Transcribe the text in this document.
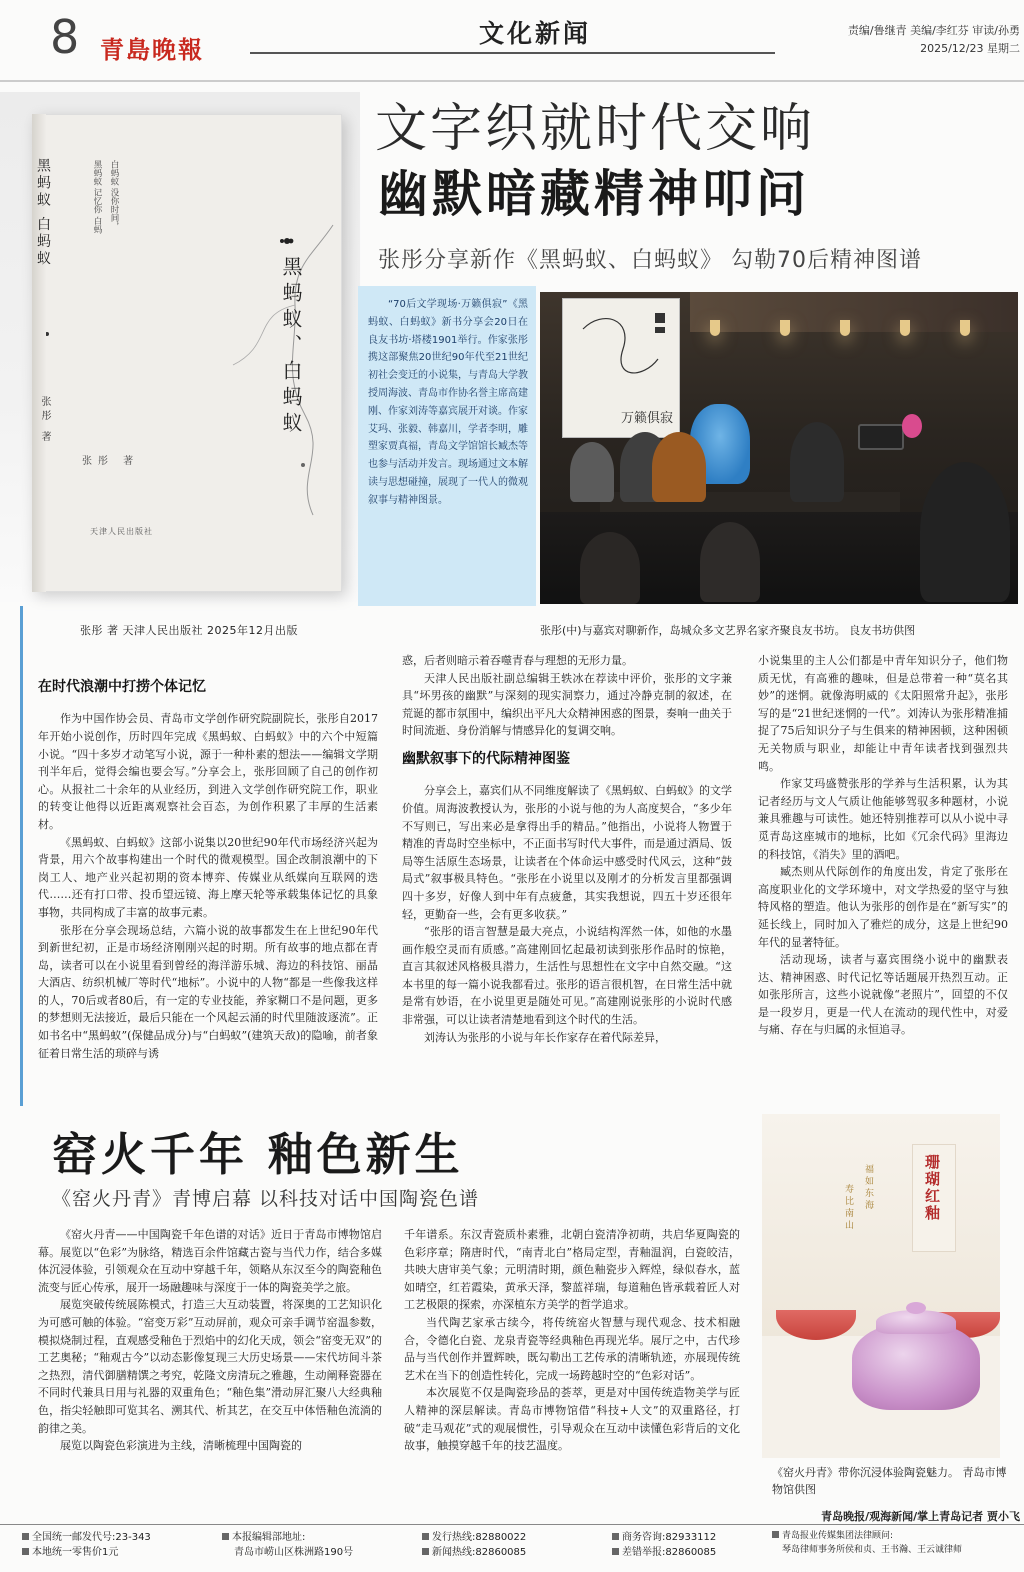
8 青島晚報
文化新闻	责编/鲁继青 美编/李红芬 审读/孙勇
2025/12/23 星期二
黑蚂蚁 白蚂蚁
张彤 著
白蚂蚁 没你时间，
黑蚂蚁 记忆你 白蚂
黑蚂蚁、白蚂蚁
张彤 著
天津人民出版社
张彤 著 天津人民出版社 2025年12月出版
文字织就时代交响
幽默暗藏精神叩问
张彤分享新作《黑蚂蚁、白蚂蚁》 勾勒70后精神图谱

“70后文学现场·万籁俱寂”《黑蚂蚁、白蚂蚁》新书分享会20日在良友书坊·塔楼1901举行。作家张彤携这部聚焦20世纪90年代至21世纪初社会变迁的小说集，与青岛大学教授周海波、青岛市作协名誉主席高建刚、作家刘涛等嘉宾展开对谈。作家艾玛、张毅、韩嘉川，学者李明，雕塑家贾真福，青岛文学馆馆长臧杰等也参与活动并发言。现场通过文本解读与思想碰撞，展现了一代人的微观叙事与精神图景。

万籁俱寂
张彤(中)与嘉宾对聊新作，岛城众多文艺界名家齐聚良友书坊。 良友书坊供图
在时代浪潮中打捞个体记忆

作为中国作协会员、青岛市文学创作研究院副院长，张彤自2017年开始小说创作，历时四年完成《黑蚂蚁、白蚂蚁》中的六个中短篇小说。“四十多岁才动笔写小说，源于一种朴素的想法——编辑文学期刊半年后，觉得会编也要会写。”分享会上，张彤回顾了自己的创作初心。从报社二十余年的从业经历，到进入文学创作研究院工作，职业的转变让他得以近距离观察社会百态，为创作积累了丰厚的生活素材。

《黑蚂蚁、白蚂蚁》这部小说集以20世纪90年代市场经济兴起为背景，用六个故事构建出一个时代的微观模型。国企改制浪潮中的下岗工人、地产业兴起初期的资本博弈、传媒业从纸媒向互联网的迭代……还有打口带、投币望远镜、海上摩天轮等承载集体记忆的具象事物，共同构成了丰富的故事元素。

张彤在分享会现场总结，六篇小说的故事都发生在上世纪90年代到新世纪初，正是市场经济刚刚兴起的时期。所有故事的地点都在青岛，读者可以在小说里看到曾经的海洋游乐城、海边的科技馆、丽晶大酒店、纺织机械厂等时代“地标”。小说中的人物“都是一些像我这样的人，70后或者80后，有一定的专业技能，养家糊口不是问题，更多的梦想则无法接近，最后只能在一个风起云涌的时代里随波逐流”。正如书名中“黑蚂蚁”(保健品成分)与“白蚂蚁”(建筑天敌)的隐喻，前者象征着日常生活的琐碎与诱

惑，后者则暗示着吞噬青春与理想的无形力量。

天津人民出版社副总编辑王轶冰在荐读中评价，张彤的文字兼具“坏男孩的幽默”与深刻的现实洞察力，通过冷静克制的叙述，在荒诞的都市氛围中，编织出平凡大众精神困惑的图景，奏响一曲关于时间流逝、身份消解与情感异化的复调交响。

幽默叙事下的代际精神图鉴

分享会上，嘉宾们从不同维度解读了《黑蚂蚁、白蚂蚁》的文学价值。周海波教授认为，张彤的小说与他的为人高度契合，“多少年不写则已，写出来必是拿得出手的精品。”他指出，小说将人物置于精准的青岛时空坐标中，不正面书写时代大事件，而是通过酒局、饭局等生活原生态场景，让读者在个体命运中感受时代风云，这种“鼓局式”叙事极具特色。“张彤在小说里以及刚才的分析发言里都强调四十多岁，好像人到中年有点疲惫，其实我想说，四五十岁还很年轻，更勤奋一些，会有更多收获。”

“张彤的语言智慧是最大亮点，小说结构浑然一体，如他的水墨画作般空灵而有质感。”高建刚回忆起最初读到张彤作品时的惊艳，直言其叙述风格极具潜力，生活性与思想性在文字中自然交融。“这本书里的每一篇小说我都看过。张彤的语言很机智，在日常生活中就是常有妙语，在小说里更是随处可见。”高建刚说张彤的小说时代感非常强，可以让读者清楚地看到这个时代的生活。

刘涛认为张彤的小说与年长作家存在着代际差异，

小说集里的主人公们都是中青年知识分子，他们物质无忧，有高雅的趣味，但是总带着一种“莫名其妙”的迷惘。就像海明威的《太阳照常升起》，张彤写的是“21世纪迷惘的一代”。刘涛认为张彤精准捕捉了75后知识分子与生俱来的精神困顿，这种困顿无关物质与职业，却能让中青年读者找到强烈共鸣。

作家艾玛盛赞张彤的学养与生活积累，认为其记者经历与文人气质让他能够驾驭多种题材，小说兼具雅趣与可读性。她还特别推荐可以从小说中寻觅青岛这座城市的地标，比如《冗余代码》里海边的科技馆，《消失》里的酒吧。

臧杰则从代际创作的角度出发，肯定了张彤在高度职业化的文学环境中，对文学热爱的坚守与独特风格的塑造。他认为张彤的创作是在“新写实”的延长线上，同时加入了雅烂的成分，这是上世纪90年代的显著特征。

活动现场，读者与嘉宾围绕小说中的幽默表达、精神困惑、时代记忆等话题展开热烈互动。正如张彤所言，这些小说就像“老照片”，回望的不仅是一段岁月，更是一代人在流动的现代性中，对爱与痛、存在与归属的永恒追寻。

窑火千年 釉色新生
《窑火丹青》青博启幕 以科技对话中国陶瓷色谱

《窑火丹青——中国陶瓷千年色谱的对话》近日于青岛市博物馆启幕。展览以“色彩”为脉络，精选百余件馆藏古瓷与当代力作，结合多媒体沉浸体验，引领观众在互动中穿越千年，领略从东汉至今的陶瓷釉色流变与匠心传承，展开一场融趣味与深度于一体的陶瓷美学之旅。

展览突破传统展陈模式，打造三大互动装置，将深奥的工艺知识化为可感可触的体验。“窑变万彩”互动屏前，观众可亲手调节窑温参数，模拟烧制过程，直观感受釉色于烈焰中的幻化天成，领会“窑变无双”的工艺奥秘；“釉观古今”以动态影像复现三大历史场景——宋代坊间斗茶之热烈，清代御膳精馔之考究，乾隆文房清玩之雅趣，生动阐释瓷器在不同时代兼具日用与礼器的双重角色；“釉色集”滑动屏汇聚八大经典釉色，指尖轻触即可览其名、溯其代、析其艺，在交互中体悟釉色流淌的韵律之美。

展览以陶瓷色彩演进为主线，清晰梳理中国陶瓷的

千年谱系。东汉青瓷质朴素雅，北朝白瓷清净初萌，共启华夏陶瓷的色彩序章；隋唐时代，“南青北白”格局定型，青釉温润，白瓷皎洁，共映大唐审美气象；元明清时期，颜色釉瓷步入辉煌，绿似春水，蓝如晴空，红若霞染，黄承天泽，黎蓝祥瑞，每道釉色皆承载着匠人对工艺极限的探索，亦深植东方美学的哲学追求。

当代陶艺家承古续今，将传统窑火智慧与现代观念、技术相融合，令德化白瓷、龙泉青瓷等经典釉色再现光华。展厅之中，古代珍品与当代创作并置辉映，既勾勒出工艺传承的清晰轨迹，亦展现传统艺术在当下的创造性转化，完成一场跨越时空的“色彩对话”。

本次展览不仅是陶瓷珍品的荟萃，更是对中国传统造物美学与匠人精神的深层解读。青岛市博物馆借“科技+人文”的双重路径，打破“走马观花”式的观展惯性，引导观众在互动中读懂色彩背后的文化故事，触摸穿越千年的技艺温度。

福如东海
寿比南山	珊瑚红釉
《窑火丹青》带你沉浸体验陶瓷魅力。 青岛市博物馆供图
青岛晚报/观海新闻/掌上青岛记者 贾小飞
全国统一邮发代号:23-343
本地统一零售价1元
本报编辑部地址:
青岛市崂山区株洲路190号
发行热线:82880022
新闻热线:82860085
商务咨询:82933112
差错举报:82860085
青岛报业传媒集团法律顾问:
琴岛律师事务所侯和贞、王书瀚、王云诚律师
